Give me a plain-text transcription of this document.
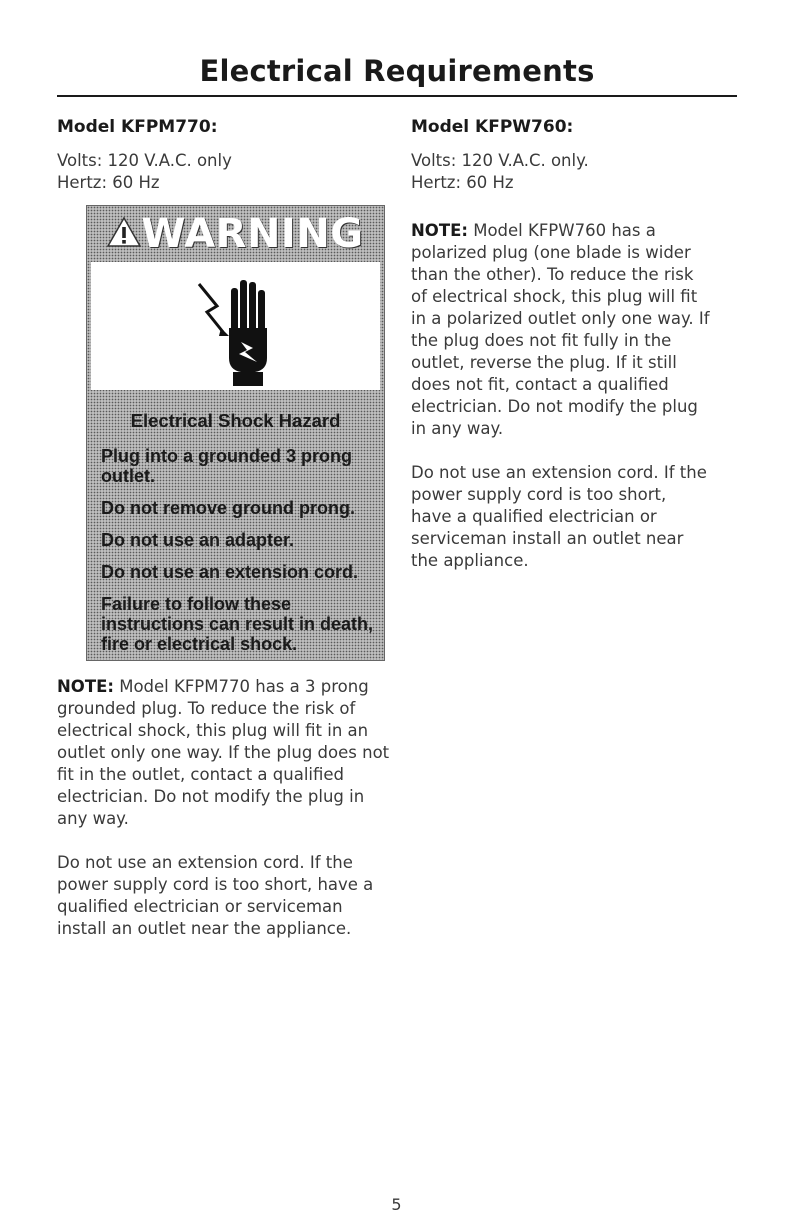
Electrical Requirements
Model KFPM770:

Volts: 120 V.A.C. only

Hertz: 60 Hz

Model KFPW760:

Volts: 120 V.A.C. only.

Hertz: 60 Hz

NOTE: Model KFPW760 has a polarized plug (one blade is wider than the other). To reduce the risk of electrical shock, this plug will fit in a polarized outlet only one way. If the plug does not fit fully in the outlet, reverse the plug. If it still does not fit, contact a qualified electrician. Do not modify the plug in any way.

Do not use an extension cord. If the power supply cord is too short, have a qualified electrician or serviceman install an outlet near the appliance.

WARNING
Electrical Shock Hazard
Plug into a grounded 3 prong outlet.
Do not remove ground prong.
Do not use an adapter.
Do not use an extension cord.
Failure to follow these instructions can result in death, fire or electrical shock.

NOTE: Model KFPM770 has a 3 prong grounded plug. To reduce the risk of electrical shock, this plug will fit in an outlet only one way. If the plug does not fit in the outlet, contact a qualified electrician. Do not modify the plug in any way.

Do not use an extension cord. If the power supply cord is too short, have a qualified electrician or serviceman install an outlet near the appliance.

5
